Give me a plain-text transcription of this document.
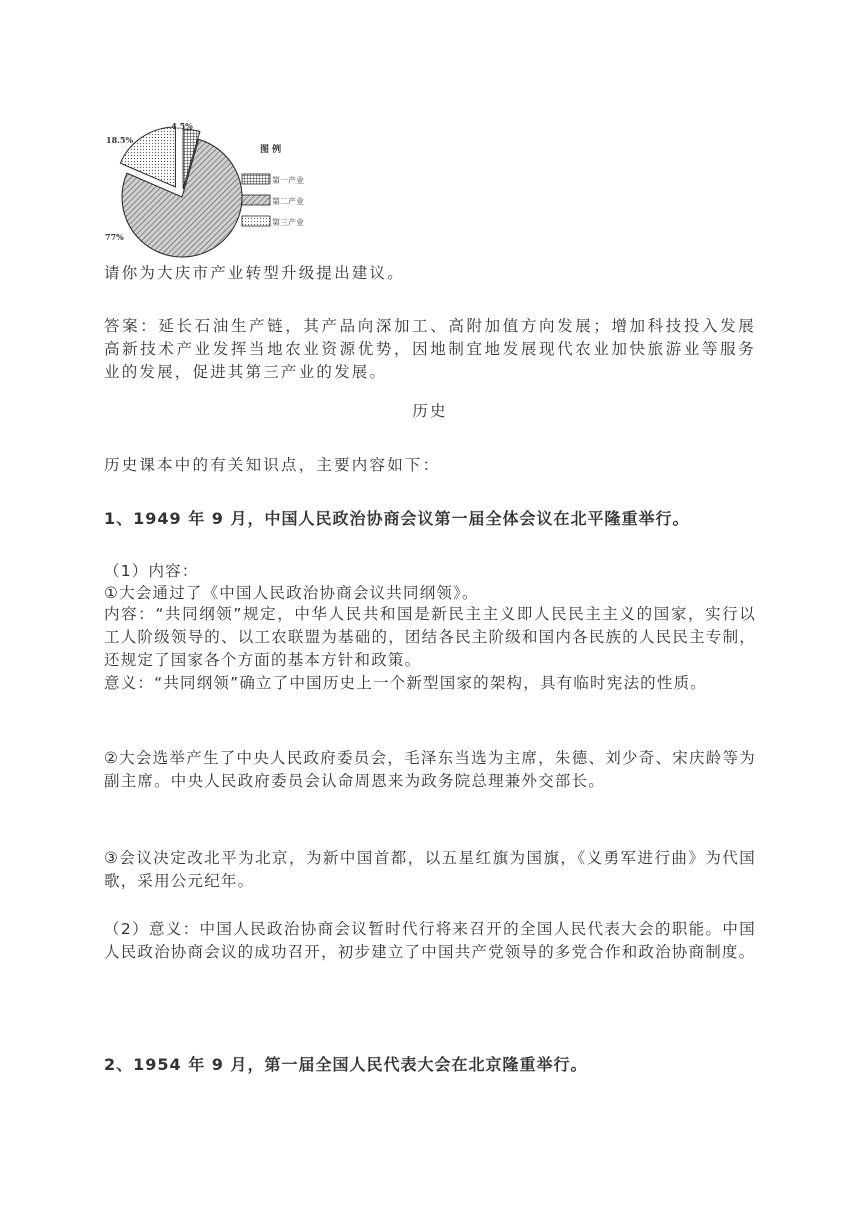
4.5%
77%
18.5%
图 例
第一产业
第二产业
第三产业

请你为大庆市产业转型升级提出建议。

答案：延长石油生产链，其产品向深加工、高附加值方向发展；增加科技投入发展高新技术产业发挥当地农业资源优势，因地制宜地发展现代农业加快旅游业等服务业的发展，促进其第三产业的发展。

历史

历史课本中的有关知识点，主要内容如下：

1、1949 年 9 月，中国人民政治协商会议第一届全体会议在北平隆重举行。

（1）内容：

①大会通过了《中国人民政治协商会议共同纲领》。

内容：“共同纲领”规定，中华人民共和国是新民主主义即人民民主主义的国家，实行以工人阶级领导的、以工农联盟为基础的，团结各民主阶级和国内各民族的人民民主专制，还规定了国家各个方面的基本方针和政策。

意义：“共同纲领”确立了中国历史上一个新型国家的架构，具有临时宪法的性质。

②大会选举产生了中央人民政府委员会，毛泽东当选为主席，朱德、刘少奇、宋庆龄等为副主席。中央人民政府委员会认命周恩来为政务院总理兼外交部长。

③会议决定改北平为北京，为新中国首都，以五星红旗为国旗，《义勇军进行曲》为代国歌，采用公元纪年。

（2）意义：中国人民政治协商会议暂时代行将来召开的全国人民代表大会的职能。中国人民政治协商会议的成功召开，初步建立了中国共产党领导的多党合作和政治协商制度。

2、1954 年 9 月，第一届全国人民代表大会在北京隆重举行。
